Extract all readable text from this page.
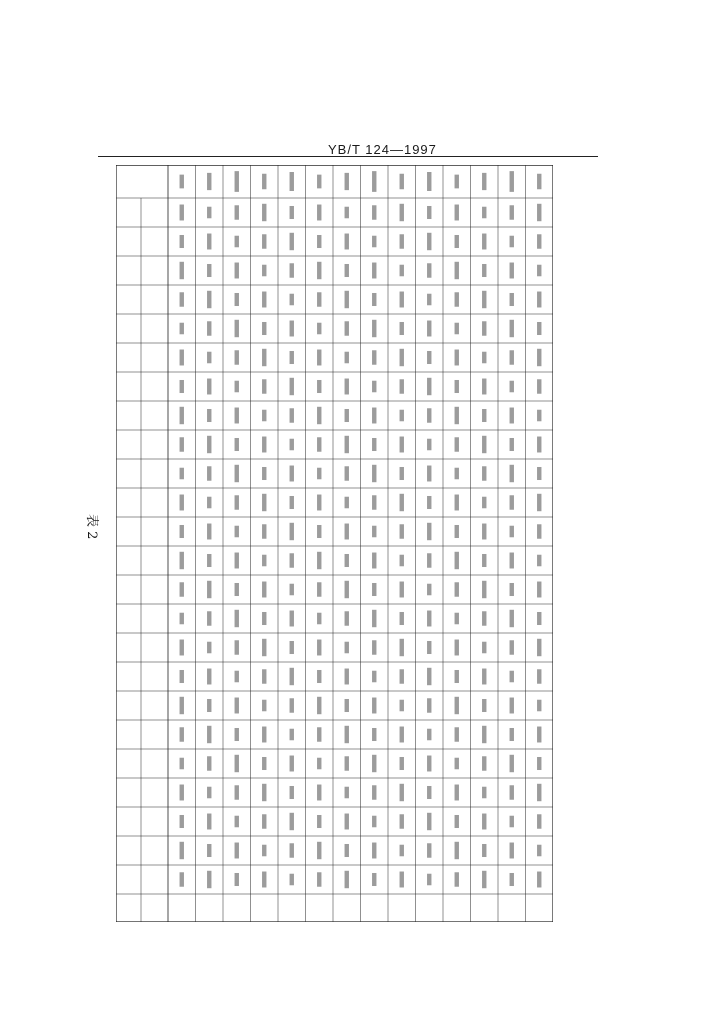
YB/T 124—1997
表 2
